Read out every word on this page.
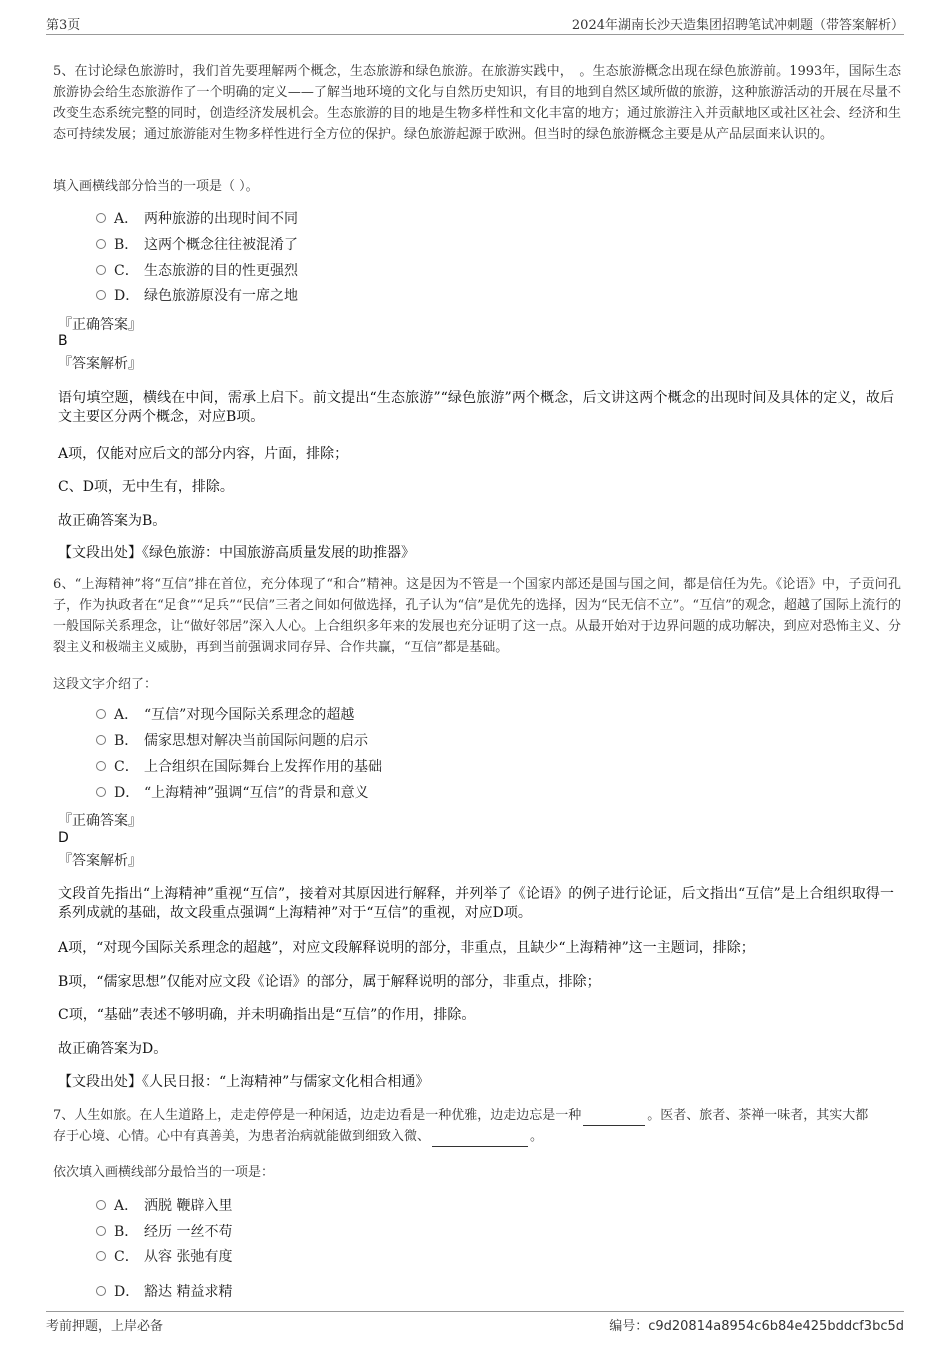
第3页	2024年湖南长沙天造集团招聘笔试冲刺题（带答案解析）
5、在讨论绿色旅游时，我们首先要理解两个概念，生态旅游和绿色旅游。在旅游实践中，　。生态旅游概念出现在绿色旅游前。1993年，国际生态旅游协会给生态旅游作了一个明确的定义——了解当地环境的文化与自然历史知识，有目的地到自然区域所做的旅游，这种旅游活动的开展在尽量不改变生态系统完整的同时，创造经济发展机会。生态旅游的目的地是生物多样性和文化丰富的地方；通过旅游注入并贡献地区或社区社会、经济和生态可持续发展；通过旅游能对生物多样性进行全方位的保护。绿色旅游起源于欧洲。但当时的绿色旅游概念主要是从产品层面来认识的。
填入画横线部分恰当的一项是（ ）。
A． 两种旅游的出现时间不同
B． 这两个概念往往被混淆了
C． 生态旅游的目的性更强烈
D． 绿色旅游原没有一席之地
『正确答案』
B
『答案解析』
语句填空题，横线在中间，需承上启下。前文提出“生态旅游”“绿色旅游”两个概念，后文讲这两个概念的出现时间及具体的定义，故后文主要区分两个概念，对应B项。
A项，仅能对应后文的部分内容，片面，排除；
C、D项，无中生有，排除。
故正确答案为B。
【文段出处】《绿色旅游：中国旅游高质量发展的助推器》
6、“上海精神”将“互信”排在首位，充分体现了“和合”精神。这是因为不管是一个国家内部还是国与国之间，都是信任为先。《论语》中，子贡问孔子，作为执政者在“足食”“足兵”“民信”三者之间如何做选择，孔子认为“信”是优先的选择，因为“民无信不立”。“互信”的观念，超越了国际上流行的一般国际关系理念，让“做好邻居”深入人心。上合组织多年来的发展也充分证明了这一点。从最开始对于边界问题的成功解决，到应对恐怖主义、分裂主义和极端主义威胁，再到当前强调求同存异、合作共赢，“互信”都是基础。
这段文字介绍了：
A． “互信”对现今国际关系理念的超越
B． 儒家思想对解决当前国际问题的启示
C． 上合组织在国际舞台上发挥作用的基础
D． “上海精神”强调“互信”的背景和意义
『正确答案』
D
『答案解析』
文段首先指出“上海精神”重视“互信”，接着对其原因进行解释，并列举了《论语》的例子进行论证，后文指出“互信”是上合组织取得一系列成就的基础，故文段重点强调“上海精神”对于“互信”的重视，对应D项。
A项，“对现今国际关系理念的超越”，对应文段解释说明的部分，非重点，且缺少“上海精神”这一主题词，排除；
B项，“儒家思想”仅能对应文段《论语》的部分，属于解释说明的部分，非重点，排除；
C项，“基础”表述不够明确，并未明确指出是“互信”的作用，排除。
故正确答案为D。
【文段出处】《人民日报：“上海精神”与儒家文化相合相通》
7、人生如旅。在人生道路上，走走停停是一种闲适，边走边看是一种优雅，边走边忘是一种	。医者、旅者、茶禅一味者，其实大都
存于心境、心情。心中有真善美，为患者治病就能做到细致入微、	。
依次填入画横线部分最恰当的一项是：
A． 洒脱 鞭辟入里
B． 经历 一丝不苟
C． 从容 张弛有度
D． 豁达 精益求精
考前押题，上岸必备	编号：c9d20814a8954c6b84e425bddcf3bc5d
